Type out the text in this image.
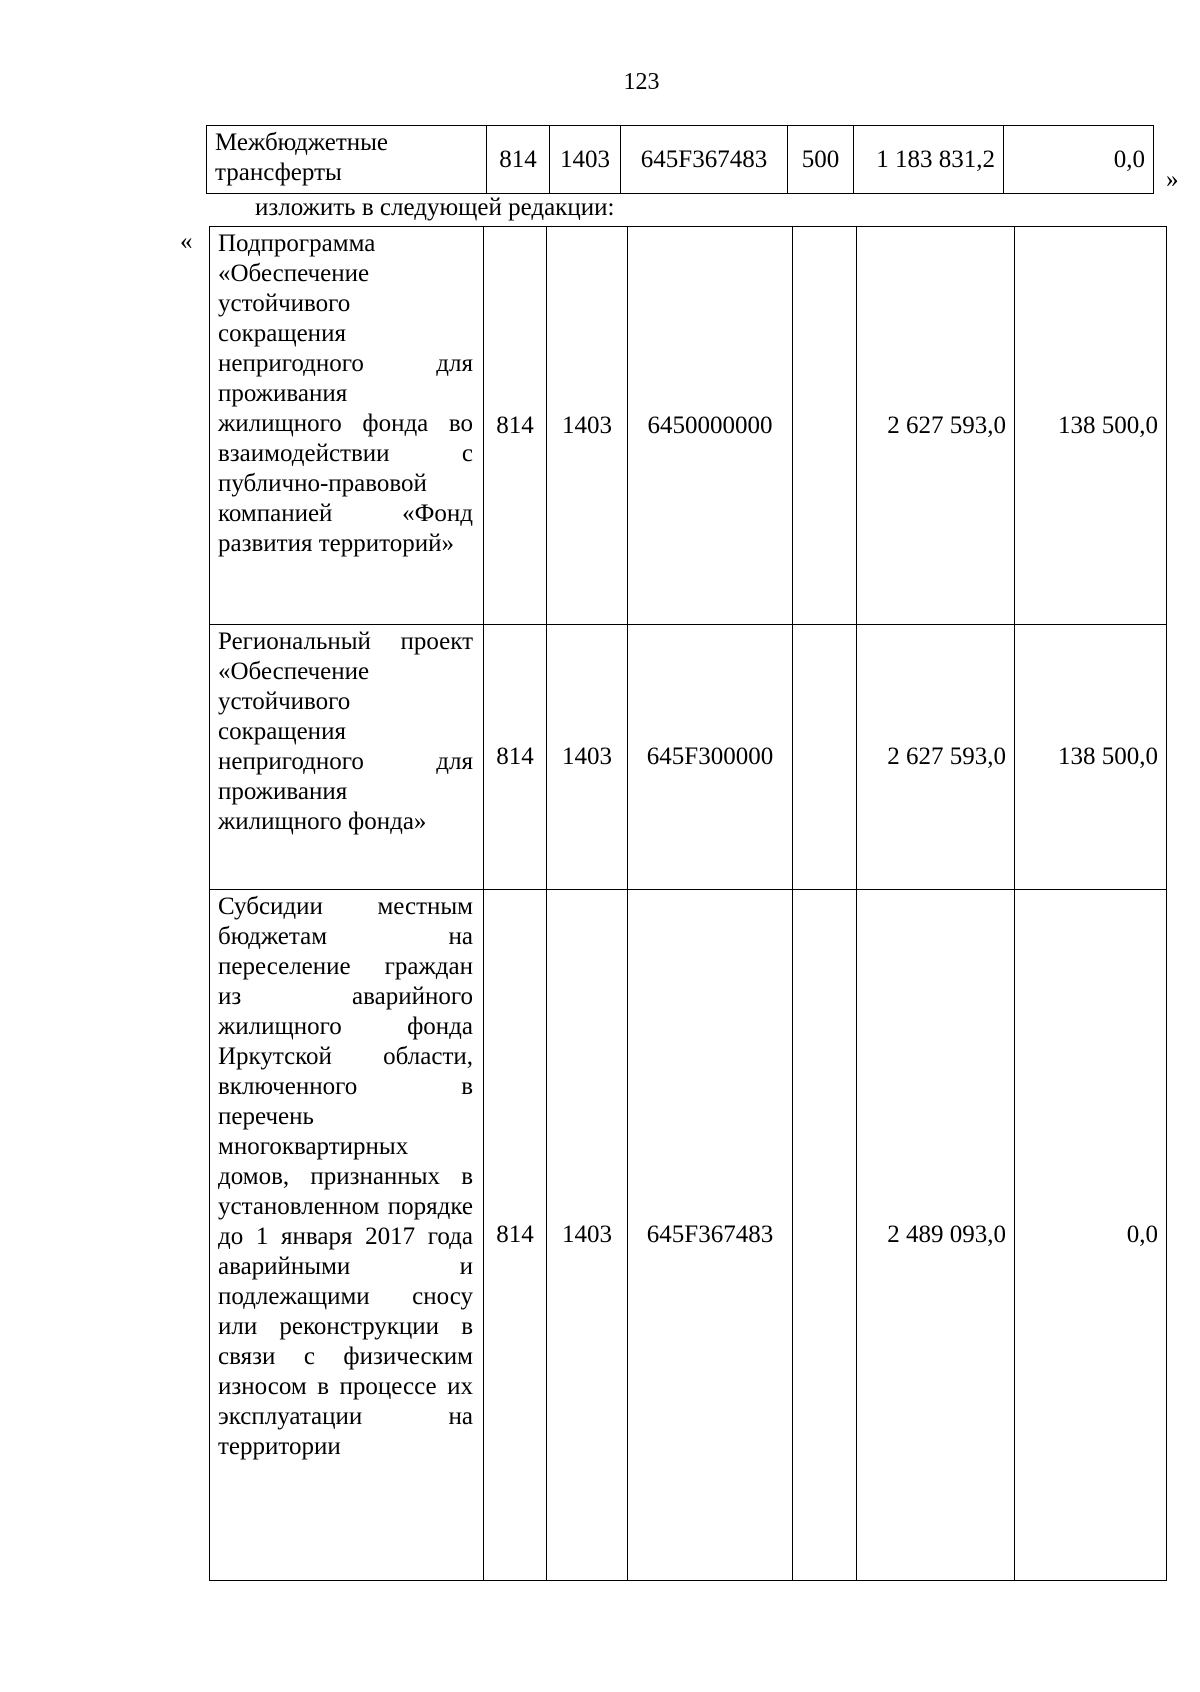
123
Межбюджетные трансферты	814	1403	645F367483	500	1 183 831,2	0,0
»
изложить в следующей редакции:
« Подпрограмма «Обеспечение устойчивого сокращения непригодного для проживания жилищного фонда во взаимодействии с публично-правовой компанией «Фонд развития территорий»	814	1403	6450000000		2 627 593,0	138 500,0
Региональный проект «Обеспечение устойчивого сокращения непригодного для проживания жилищного фонда»	814	1403	645F300000		2 627 593,0	138 500,0
Субсидии местным бюджетам на переселение граждан из аварийного жилищного фонда Иркутской области, включенного в перечень многоквартирных домов, признанных в установленном порядке до 1 января 2017 года аварийными и подлежащими сносу или реконструкции в связи с физическим износом в процессе их эксплуатации на территории	814	1403	645F367483		2 489 093,0	0,0
